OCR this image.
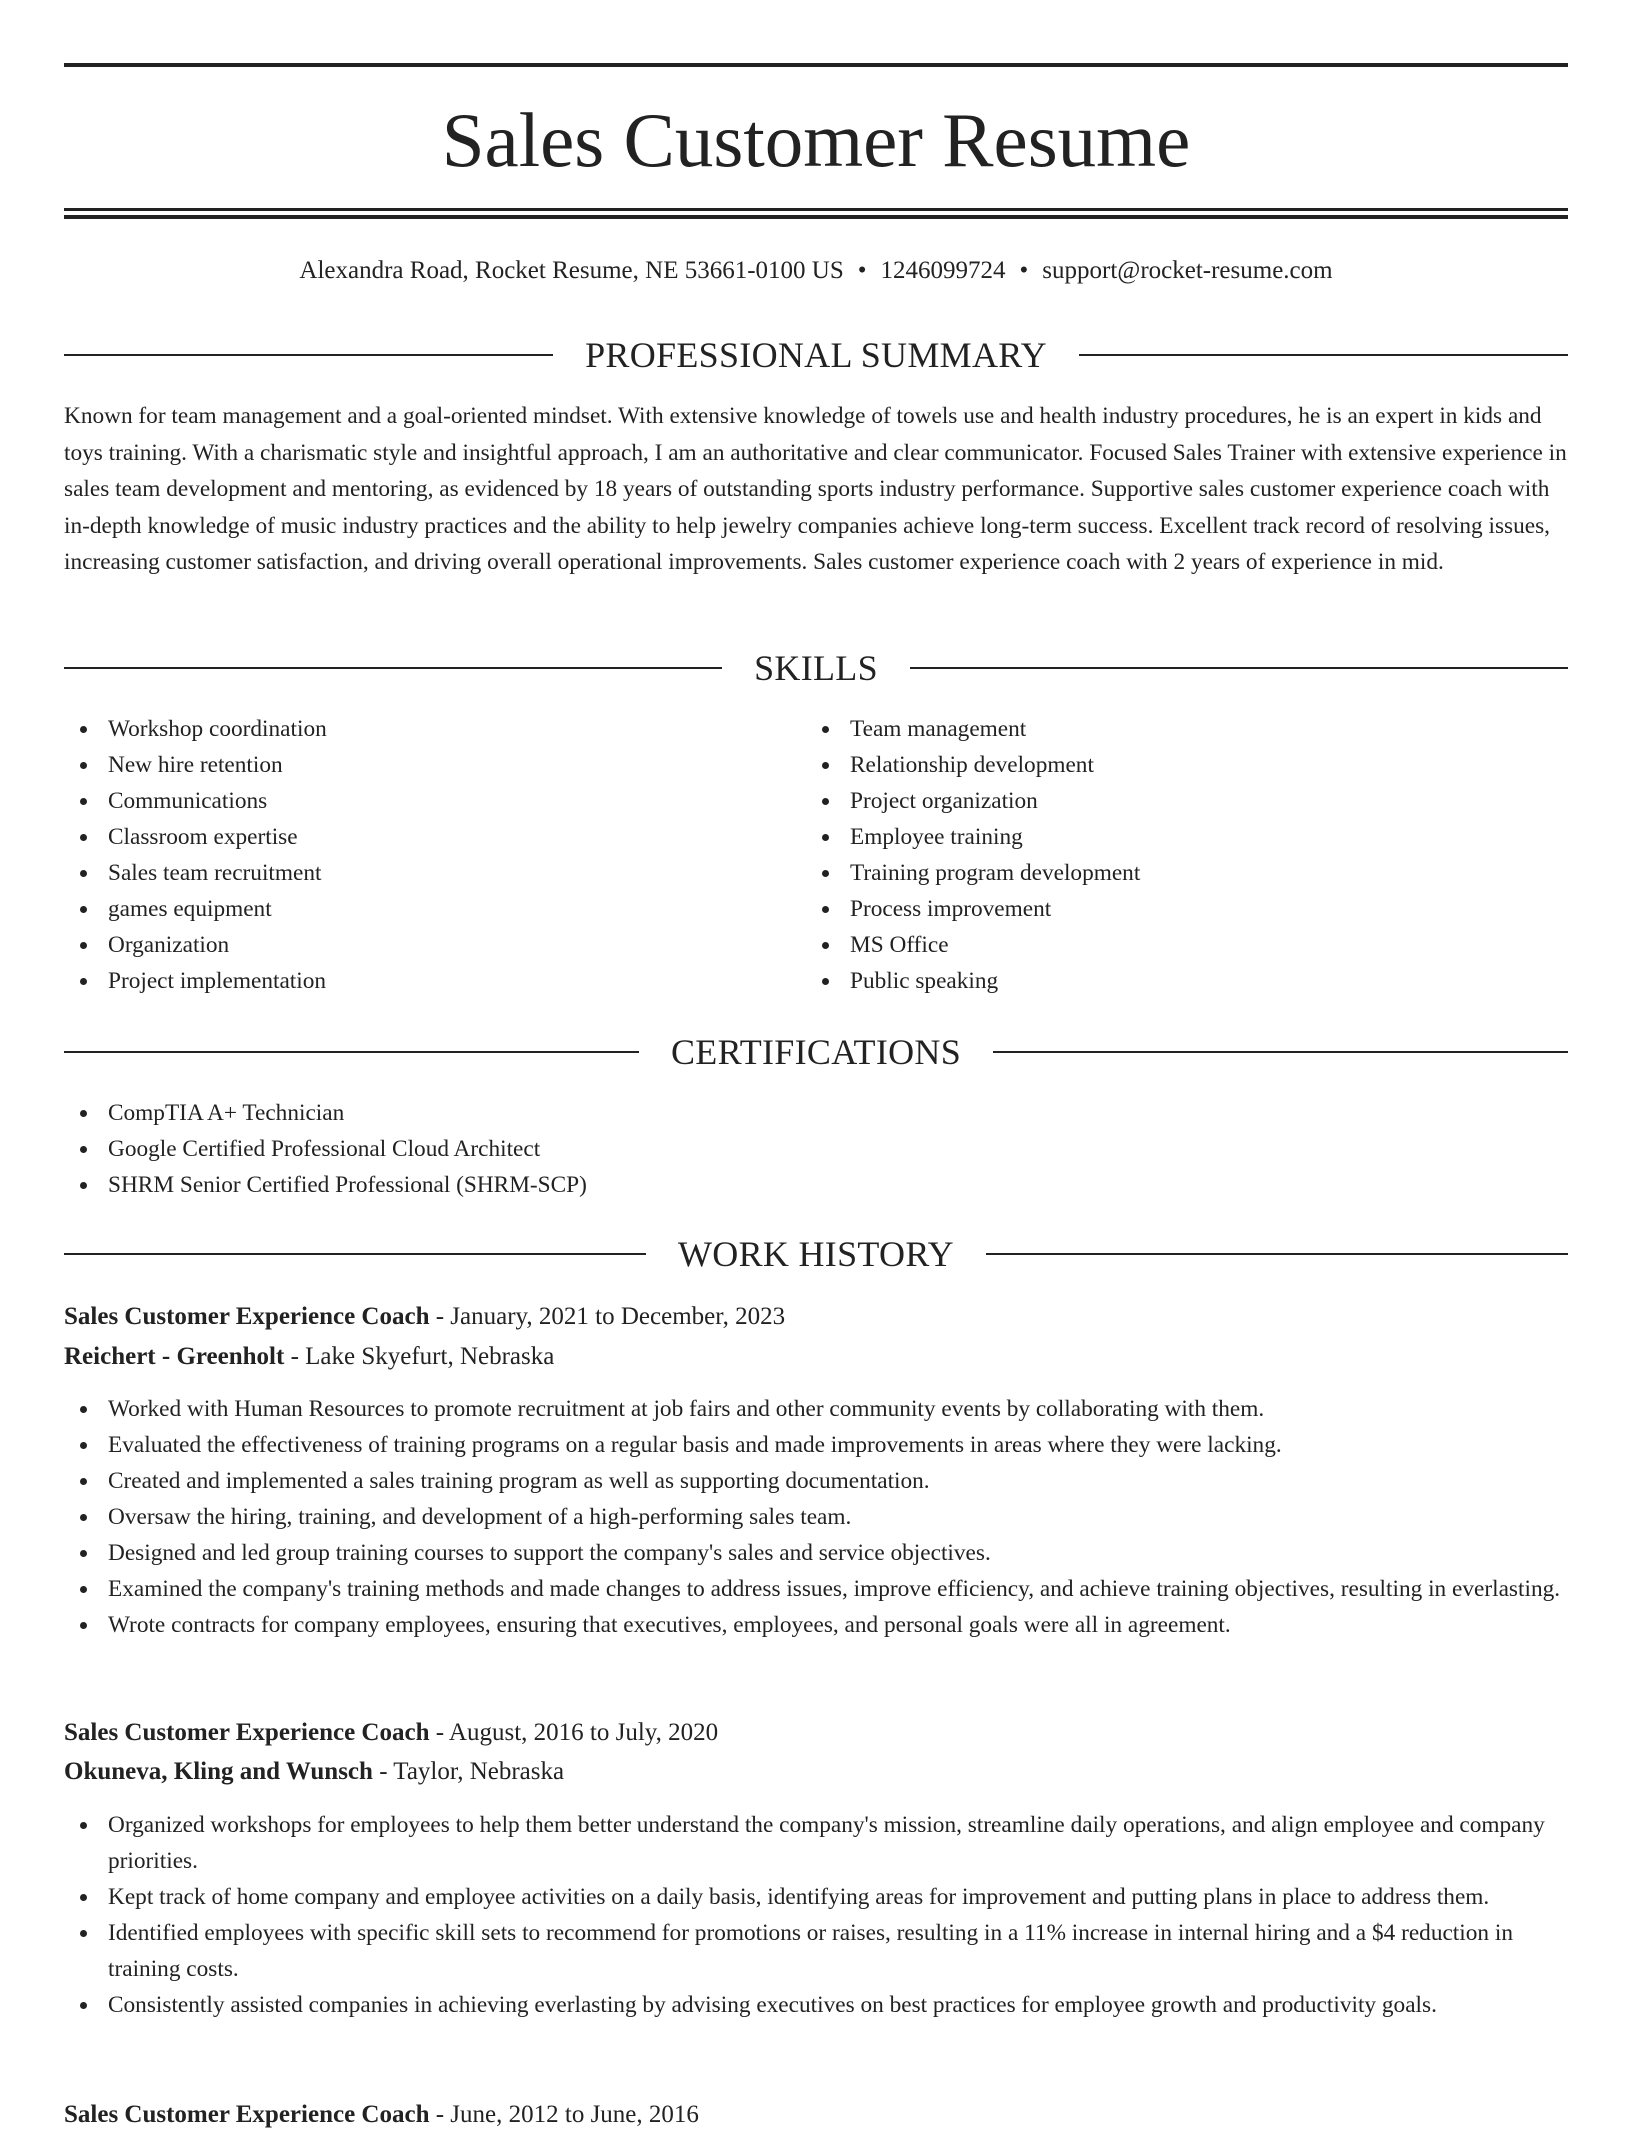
Sales Customer Resume
Alexandra Road, Rocket Resume, NE 53661-0100 US • 1246099724 • support@rocket-resume.com
PROFESSIONAL SUMMARY

Known for team management and a goal-oriented mindset. With extensive knowledge of towels use and health industry procedures, he is an expert in kids and toys training. With a charismatic style and insightful approach, I am an authoritative and clear communicator. Focused Sales Trainer with extensive experience in sales team development and mentoring, as evidenced by 18 years of outstanding sports industry performance. Supportive sales customer experience coach with in-depth knowledge of music industry practices and the ability to help jewelry companies achieve long-term success. Excellent track record of resolving issues, increasing customer satisfaction, and driving overall operational improvements. Sales customer experience coach with 2 years of experience in mid.

SKILLS
Workshop coordination
New hire retention
Communications
Classroom expertise
Sales team recruitment
games equipment
Organization
Project implementation
Team management
Relationship development
Project organization
Employee training
Training program development
Process improvement
MS Office
Public speaking
CERTIFICATIONS
CompTIA A+ Technician
Google Certified Professional Cloud Architect
SHRM Senior Certified Professional (SHRM-SCP)
WORK HISTORY
Sales Customer Experience Coach - January, 2021 to December, 2023
Reichert - Greenholt - Lake Skyefurt, Nebraska
Worked with Human Resources to promote recruitment at job fairs and other community events by collaborating with them.
Evaluated the effectiveness of training programs on a regular basis and made improvements in areas where they were lacking.
Created and implemented a sales training program as well as supporting documentation.
Oversaw the hiring, training, and development of a high-performing sales team.
Designed and led group training courses to support the company's sales and service objectives.
Examined the company's training methods and made changes to address issues, improve efficiency, and achieve training objectives, resulting in everlasting.
Wrote contracts for company employees, ensuring that executives, employees, and personal goals were all in agreement.
Sales Customer Experience Coach - August, 2016 to July, 2020
Okuneva, Kling and Wunsch - Taylor, Nebraska
Organized workshops for employees to help them better understand the company's mission, streamline daily operations, and align employee and company priorities.
Kept track of home company and employee activities on a daily basis, identifying areas for improvement and putting plans in place to address them.
Identified employees with specific skill sets to recommend for promotions or raises, resulting in a 11% increase in internal hiring and a $4 reduction in training costs.
Consistently assisted companies in achieving everlasting by advising executives on best practices for employee growth and productivity goals.
Sales Customer Experience Coach - June, 2012 to June, 2016
